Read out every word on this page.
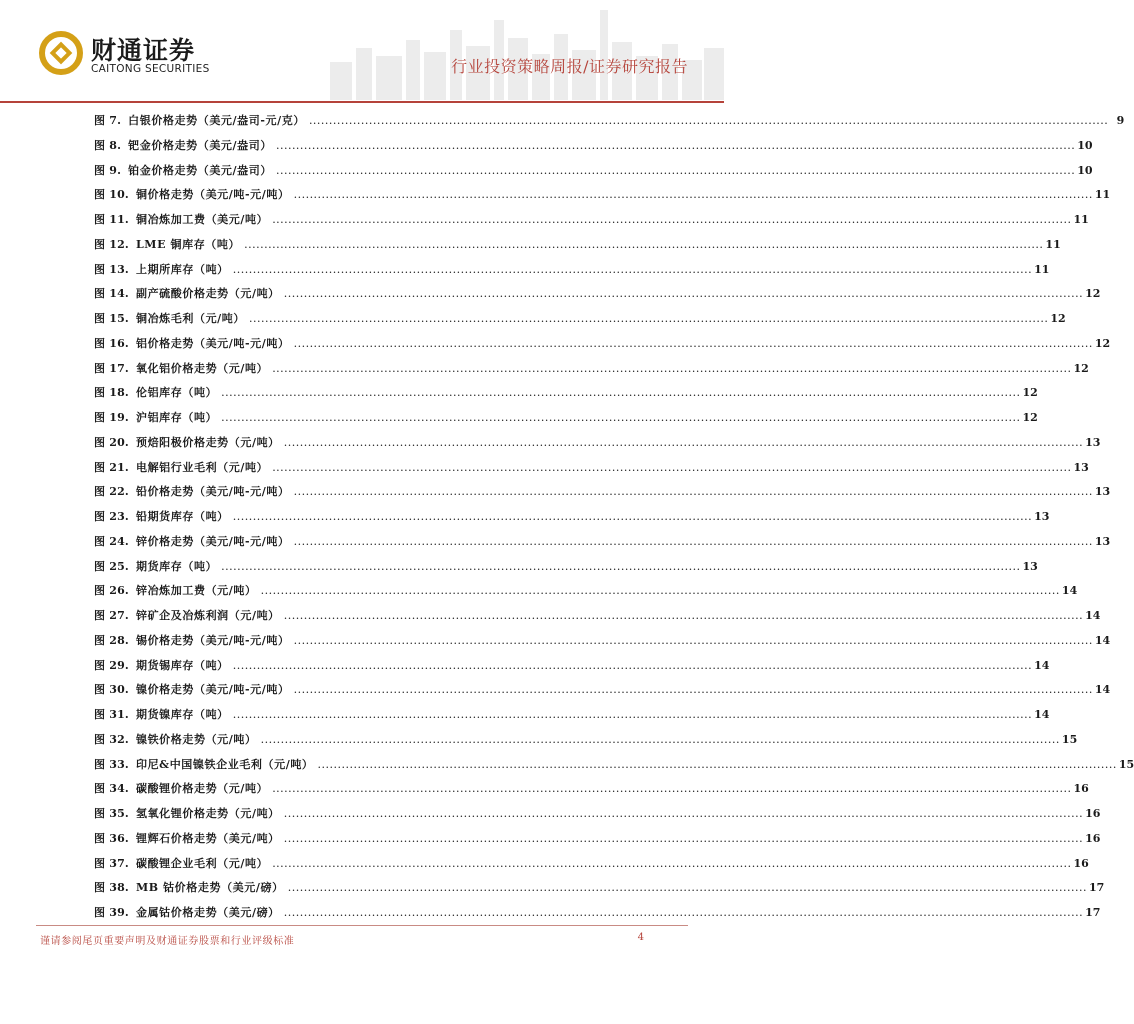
财通证券
CAITONG SECURITIES	行业投资策略周报/证券研究报告
图 7. 白银价格走势（美元/盎司-元/克） ........................................................................................................................................................................................................ 9
图 8. 钯金价格走势（美元/盎司） ........................................................................................................................................................................................................ 10
图 9. 铂金价格走势（美元/盎司） ........................................................................................................................................................................................................ 10
图 10. 铜价格走势（美元/吨-元/吨） ........................................................................................................................................................................................................ 11
图 11. 铜冶炼加工费（美元/吨） ........................................................................................................................................................................................................ 11
图 12. LME 铜库存（吨） ........................................................................................................................................................................................................ 11
图 13. 上期所库存（吨） ........................................................................................................................................................................................................ 11
图 14. 副产硫酸价格走势（元/吨） ........................................................................................................................................................................................................ 12
图 15. 铜冶炼毛利（元/吨） ........................................................................................................................................................................................................ 12
图 16. 铝价格走势（美元/吨-元/吨） ........................................................................................................................................................................................................ 12
图 17. 氧化铝价格走势（元/吨） ........................................................................................................................................................................................................ 12
图 18. 伦铝库存（吨） ........................................................................................................................................................................................................ 12
图 19. 沪铝库存（吨） ........................................................................................................................................................................................................ 12
图 20. 预焙阳极价格走势（元/吨） ........................................................................................................................................................................................................ 13
图 21. 电解铝行业毛利（元/吨） ........................................................................................................................................................................................................ 13
图 22. 铅价格走势（美元/吨-元/吨） ........................................................................................................................................................................................................ 13
图 23. 铅期货库存（吨） ........................................................................................................................................................................................................ 13
图 24. 锌价格走势（美元/吨-元/吨） ........................................................................................................................................................................................................ 13
图 25. 期货库存（吨） ........................................................................................................................................................................................................ 13
图 26. 锌冶炼加工费（元/吨） ........................................................................................................................................................................................................ 14
图 27. 锌矿企及冶炼利润（元/吨） ........................................................................................................................................................................................................ 14
图 28. 锡价格走势（美元/吨-元/吨） ........................................................................................................................................................................................................ 14
图 29. 期货锡库存（吨） ........................................................................................................................................................................................................ 14
图 30. 镍价格走势（美元/吨-元/吨） ........................................................................................................................................................................................................ 14
图 31. 期货镍库存（吨） ........................................................................................................................................................................................................ 14
图 32. 镍铁价格走势（元/吨） ........................................................................................................................................................................................................ 15
图 33. 印尼&中国镍铁企业毛利（元/吨） ........................................................................................................................................................................................................ 15
图 34. 碳酸锂价格走势（元/吨） ........................................................................................................................................................................................................ 16
图 35. 氢氧化锂价格走势（元/吨） ........................................................................................................................................................................................................ 16
图 36. 锂辉石价格走势（美元/吨） ........................................................................................................................................................................................................ 16
图 37. 碳酸锂企业毛利（元/吨） ........................................................................................................................................................................................................ 16
图 38. MB 钴价格走势（美元/磅） ........................................................................................................................................................................................................ 17
图 39. 金属钴价格走势（美元/磅） ........................................................................................................................................................................................................ 17
谨请参阅尾页重要声明及财通证券股票和行业评级标准	4
